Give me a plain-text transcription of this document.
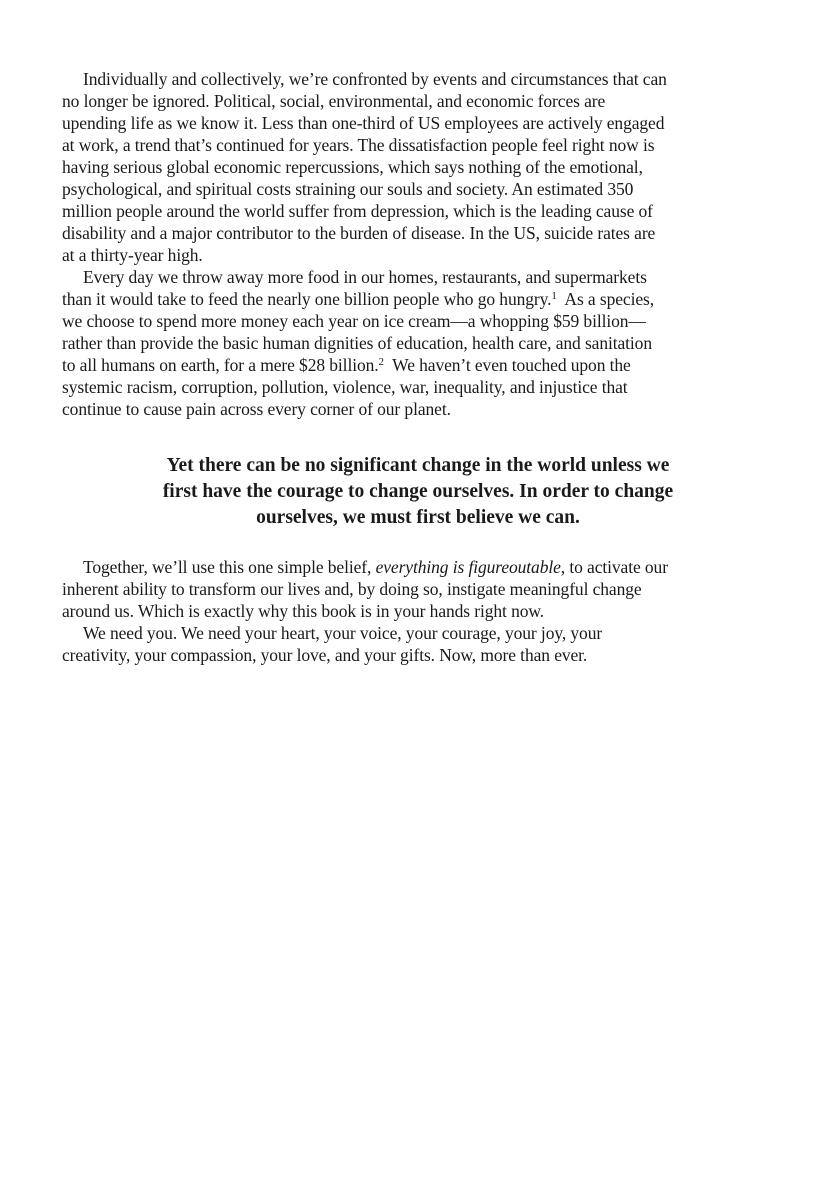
Individually and collectively, we’re confronted by events and circumstances that can
no longer be ignored. Political, social, environmental, and economic forces are
upending life as we know it. Less than one-third of US employees are actively engaged
at work, a trend that’s continued for years. The dissatisfaction people feel right now is
having serious global economic repercussions, which says nothing of the emotional,
psychological, and spiritual costs straining our souls and society. An estimated 350
million people around the world suffer from depression, which is the leading cause of
disability and a major contributor to the burden of disease. In the US, suicide rates are
at a thirty-year high.
Every day we throw away more food in our homes, restaurants, and supermarkets
than it would take to feed the nearly one billion people who go hungry.$^1$  As a species,
we choose to spend more money each year on ice cream—a whopping $59 billion—
rather than provide the basic human dignities of education, health care, and sanitation
to all humans on earth, for a mere $28 billion.$^2$  We haven’t even touched upon the
systemic racism, corruption, pollution, violence, war, inequality, and injustice that
continue to cause pain across every corner of our planet.
Yet there can be no significant change in the world unless we
first have the courage to change ourselves. In order to change
ourselves, we must first believe we can.
Together, we’ll use this one simple belief, everything is figureoutable, to activate our
inherent ability to transform our lives and, by doing so, instigate meaningful change
around us. Which is exactly why this book is in your hands right now.
We need you. We need your heart, your voice, your courage, your joy, your
creativity, your compassion, your love, and your gifts. Now, more than ever.
